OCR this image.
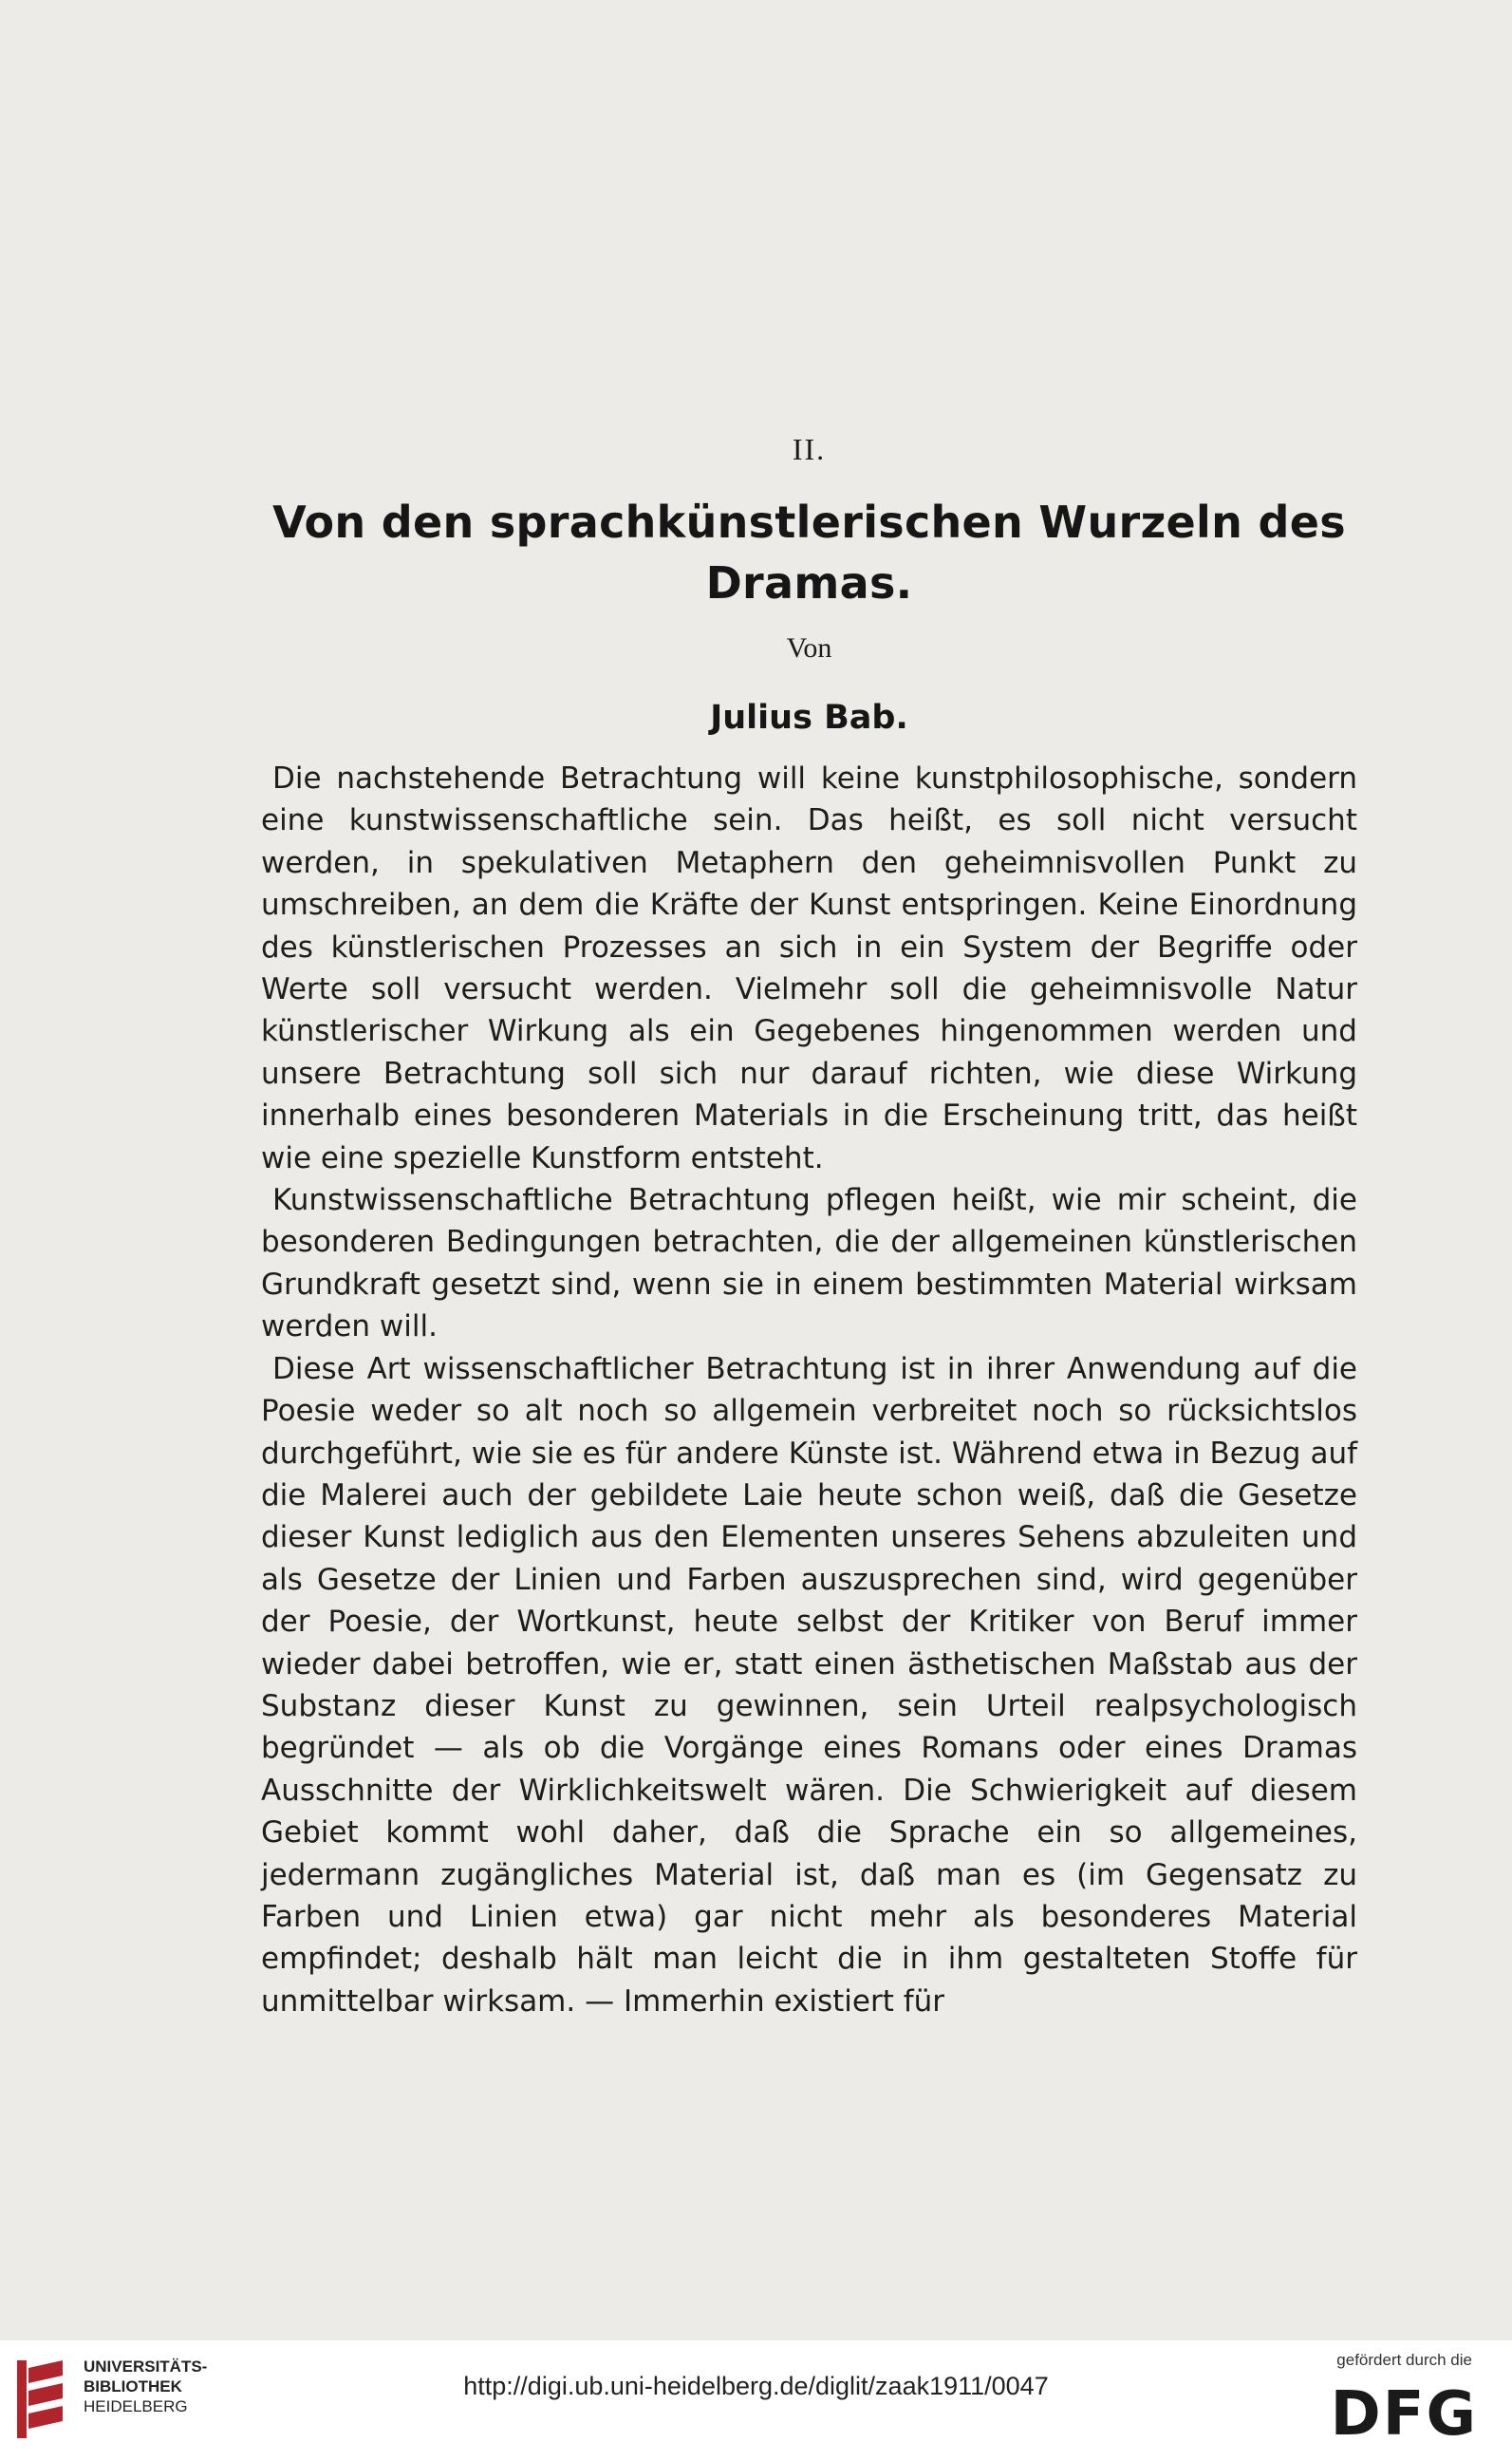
II.
Von den sprachkünstlerischen Wurzeln des
Dramas.
Von
Julius Bab.

Die nachstehende Betrachtung will keine kunstphilosophische, sondern eine kunstwissenschaftliche sein. Das heißt, es soll nicht versucht werden, in spekulativen Metaphern den geheimnisvollen Punkt zu umschreiben, an dem die Kräfte der Kunst entspringen. Keine Einordnung des künstlerischen Prozesses an sich in ein System der Begriffe oder Werte soll versucht werden. Vielmehr soll die geheimnisvolle Natur künstlerischer Wirkung als ein Gegebenes hingenommen werden und unsere Betrachtung soll sich nur darauf richten, wie diese Wirkung innerhalb eines besonderen Materials in die Erscheinung tritt, das heißt wie eine spezielle Kunstform entsteht.

Kunstwissenschaftliche Betrachtung pflegen heißt, wie mir scheint, die besonderen Bedingungen betrachten, die der allgemeinen künstlerischen Grundkraft gesetzt sind, wenn sie in einem bestimmten Material wirksam werden will.

Diese Art wissenschaftlicher Betrachtung ist in ihrer Anwendung auf die Poesie weder so alt noch so allgemein verbreitet noch so rücksichtslos durchgeführt, wie sie es für andere Künste ist. Während etwa in Bezug auf die Malerei auch der gebildete Laie heute schon weiß, daß die Gesetze dieser Kunst lediglich aus den Elementen unseres Sehens abzuleiten und als Gesetze der Linien und Farben auszusprechen sind, wird gegenüber der Poesie, der Wortkunst, heute selbst der Kritiker von Beruf immer wieder dabei betroffen, wie er, statt einen ästhetischen Maßstab aus der Substanz dieser Kunst zu gewinnen, sein Urteil realpsychologisch begründet — als ob die Vorgänge eines Romans oder eines Dramas Ausschnitte der Wirklichkeitswelt wären. Die Schwierigkeit auf diesem Gebiet kommt wohl daher, daß die Sprache ein so allgemeines, jedermann zugängliches Material ist, daß man es (im Gegensatz zu Farben und Linien etwa) gar nicht mehr als besonderes Material empfindet; deshalb hält man leicht die in ihm gestalteten Stoffe für unmittelbar wirksam. — Immerhin existiert für

UNIVERSITÄTS-
BIBLIOTHEK
HEIDELBERG
http://digi.ub.uni-heidelberg.de/diglit/zaak1911/0047
gefördert durch die
DFG
